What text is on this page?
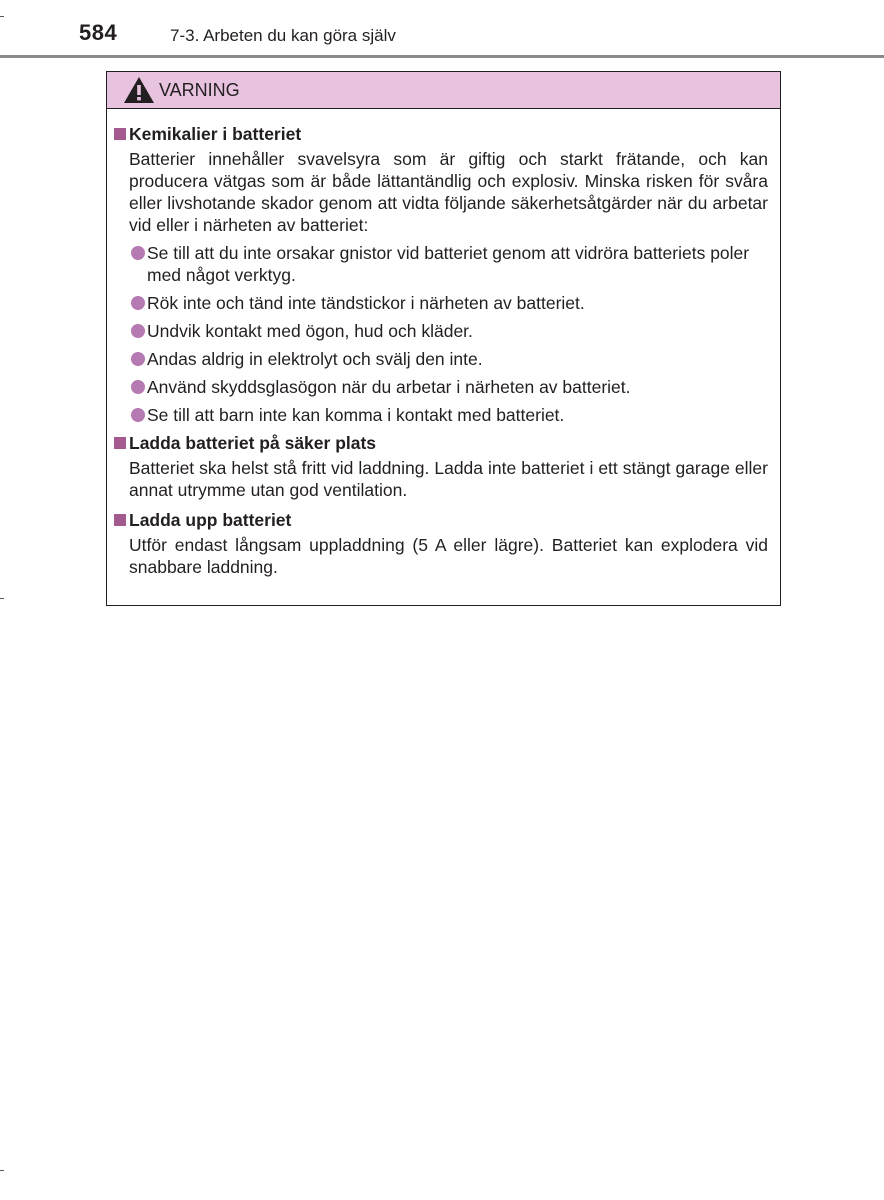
584	7-3. Arbeten du kan göra själv
VARNING
Kemikalier i batteriet
Batterier innehåller svavelsyra som är giftig och starkt frätande, och kan producera vätgas som är både lättantändlig och explosiv. Minska risken för svåra eller livshotande skador genom att vidta följande säkerhetsåtgärder när du arbetar vid eller i närheten av batteriet:
Se till att du inte orsakar gnistor vid batteriet genom att vidröra batteriets poler med något verktyg.
Rök inte och tänd inte tändstickor i närheten av batteriet.
Undvik kontakt med ögon, hud och kläder.
Andas aldrig in elektrolyt och svälj den inte.
Använd skyddsglasögon när du arbetar i närheten av batteriet.
Se till att barn inte kan komma i kontakt med batteriet.
Ladda batteriet på säker plats
Batteriet ska helst stå fritt vid laddning. Ladda inte batteriet i ett stängt garage eller annat utrymme utan god ventilation.
Ladda upp batteriet
Utför endast långsam uppladdning (5 A eller lägre). Batteriet kan explodera vid snabbare laddning.
